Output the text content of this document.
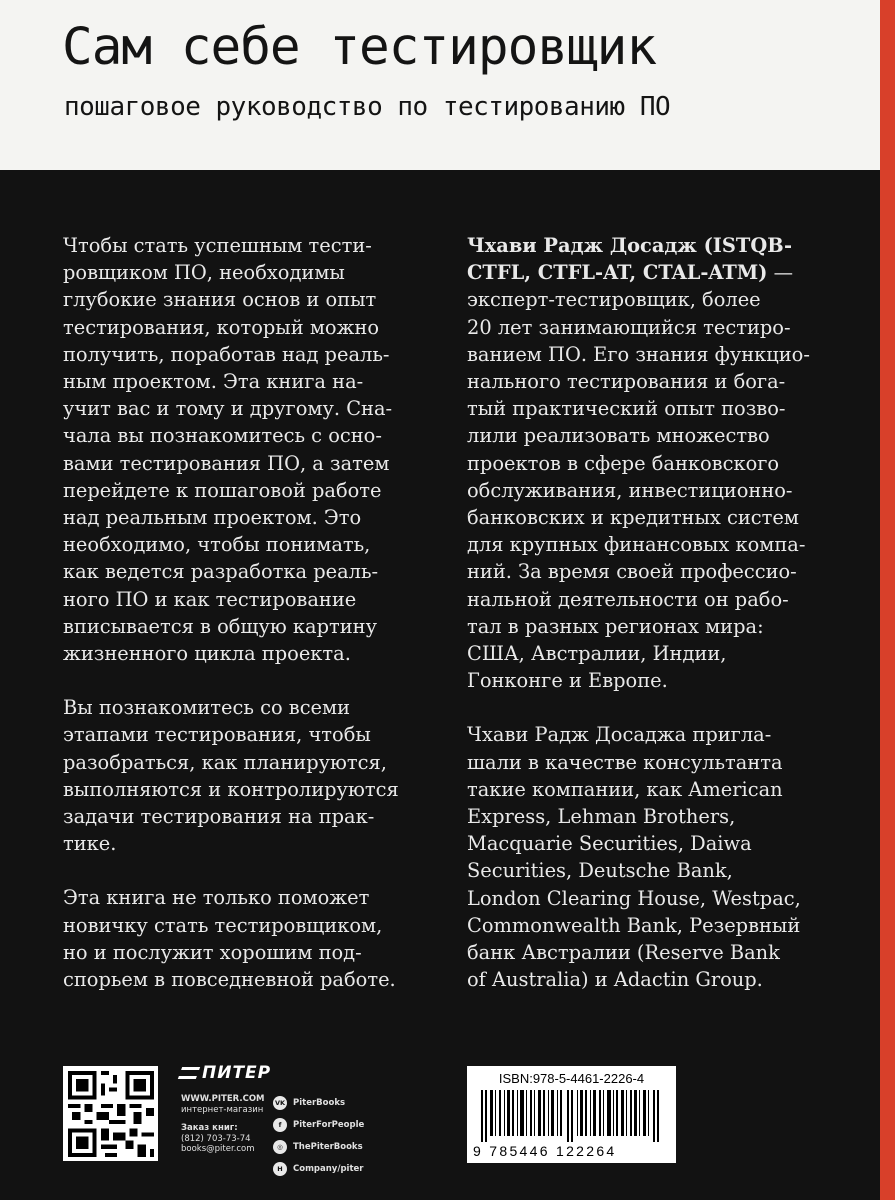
Сам себе тестировщик
пошаговое руководство по тестированию ПО
Чтобы стать успешным тести-
ровщиком ПО, необходимы
глубокие знания основ и опыт
тестирования, который можно
получить, поработав над реаль-
ным проектом. Эта книга на-
учит вас и тому и другому. Сна-
чала вы познакомитесь с осно-
вами тестирования ПО, а затем
перейдете к пошаговой работе
над реальным проектом. Это
необходимо, чтобы понимать,
как ведется разработка реаль-
ного ПО и как тестирование
вписывается в общую картину
жизненного цикла проекта.
Вы познакомитесь со всеми
этапами тестирования, чтобы
разобраться, как планируются,
выполняются и контролируются
задачи тестирования на прак-
тике.
Эта книга не только поможет
новичку стать тестировщиком,
но и послужит хорошим под-
спорьем в повседневной работе.
Чхави Радж Досадж (ISTQB-
CTFL, CTFL-AT, CTAL-ATM) —
эксперт-тестировщик, более
20 лет занимающийся тестиро-
ванием ПО. Его знания функцио-
нального тестирования и бога-
тый практический опыт позво-
лили реализовать множество
проектов в сфере банковского
обслуживания, инвестиционно-
банковских и кредитных систем
для крупных финансовых компа-
ний. За время своей профессио-
нальной деятельности он рабо-
тал в разных регионах мира:
США, Австралии, Индии,
Гонконге и Европе.
Чхави Радж Досаджа пригла-
шали в качестве консультанта
такие компании, как American
Express, Lehman Brothers,
Macquarie Securities, Daiwa
Securities, Deutsche Bank,
London Clearing House, Westpac,
Commonwealth Bank, Резервный
банк Австралии (Reserve Bank
of Australia) и Adactin Group.
ПИТЕР
WWW.PITER.COM
интернет-магазин
Заказ книг:
(812) 703-73-74
books@piter.com
VK PiterBooks
f	PiterForPeople
◎	ThePiterBooks
H	Company/piter
ISBN:978-5-4461-2226-4
9 785446 122264
